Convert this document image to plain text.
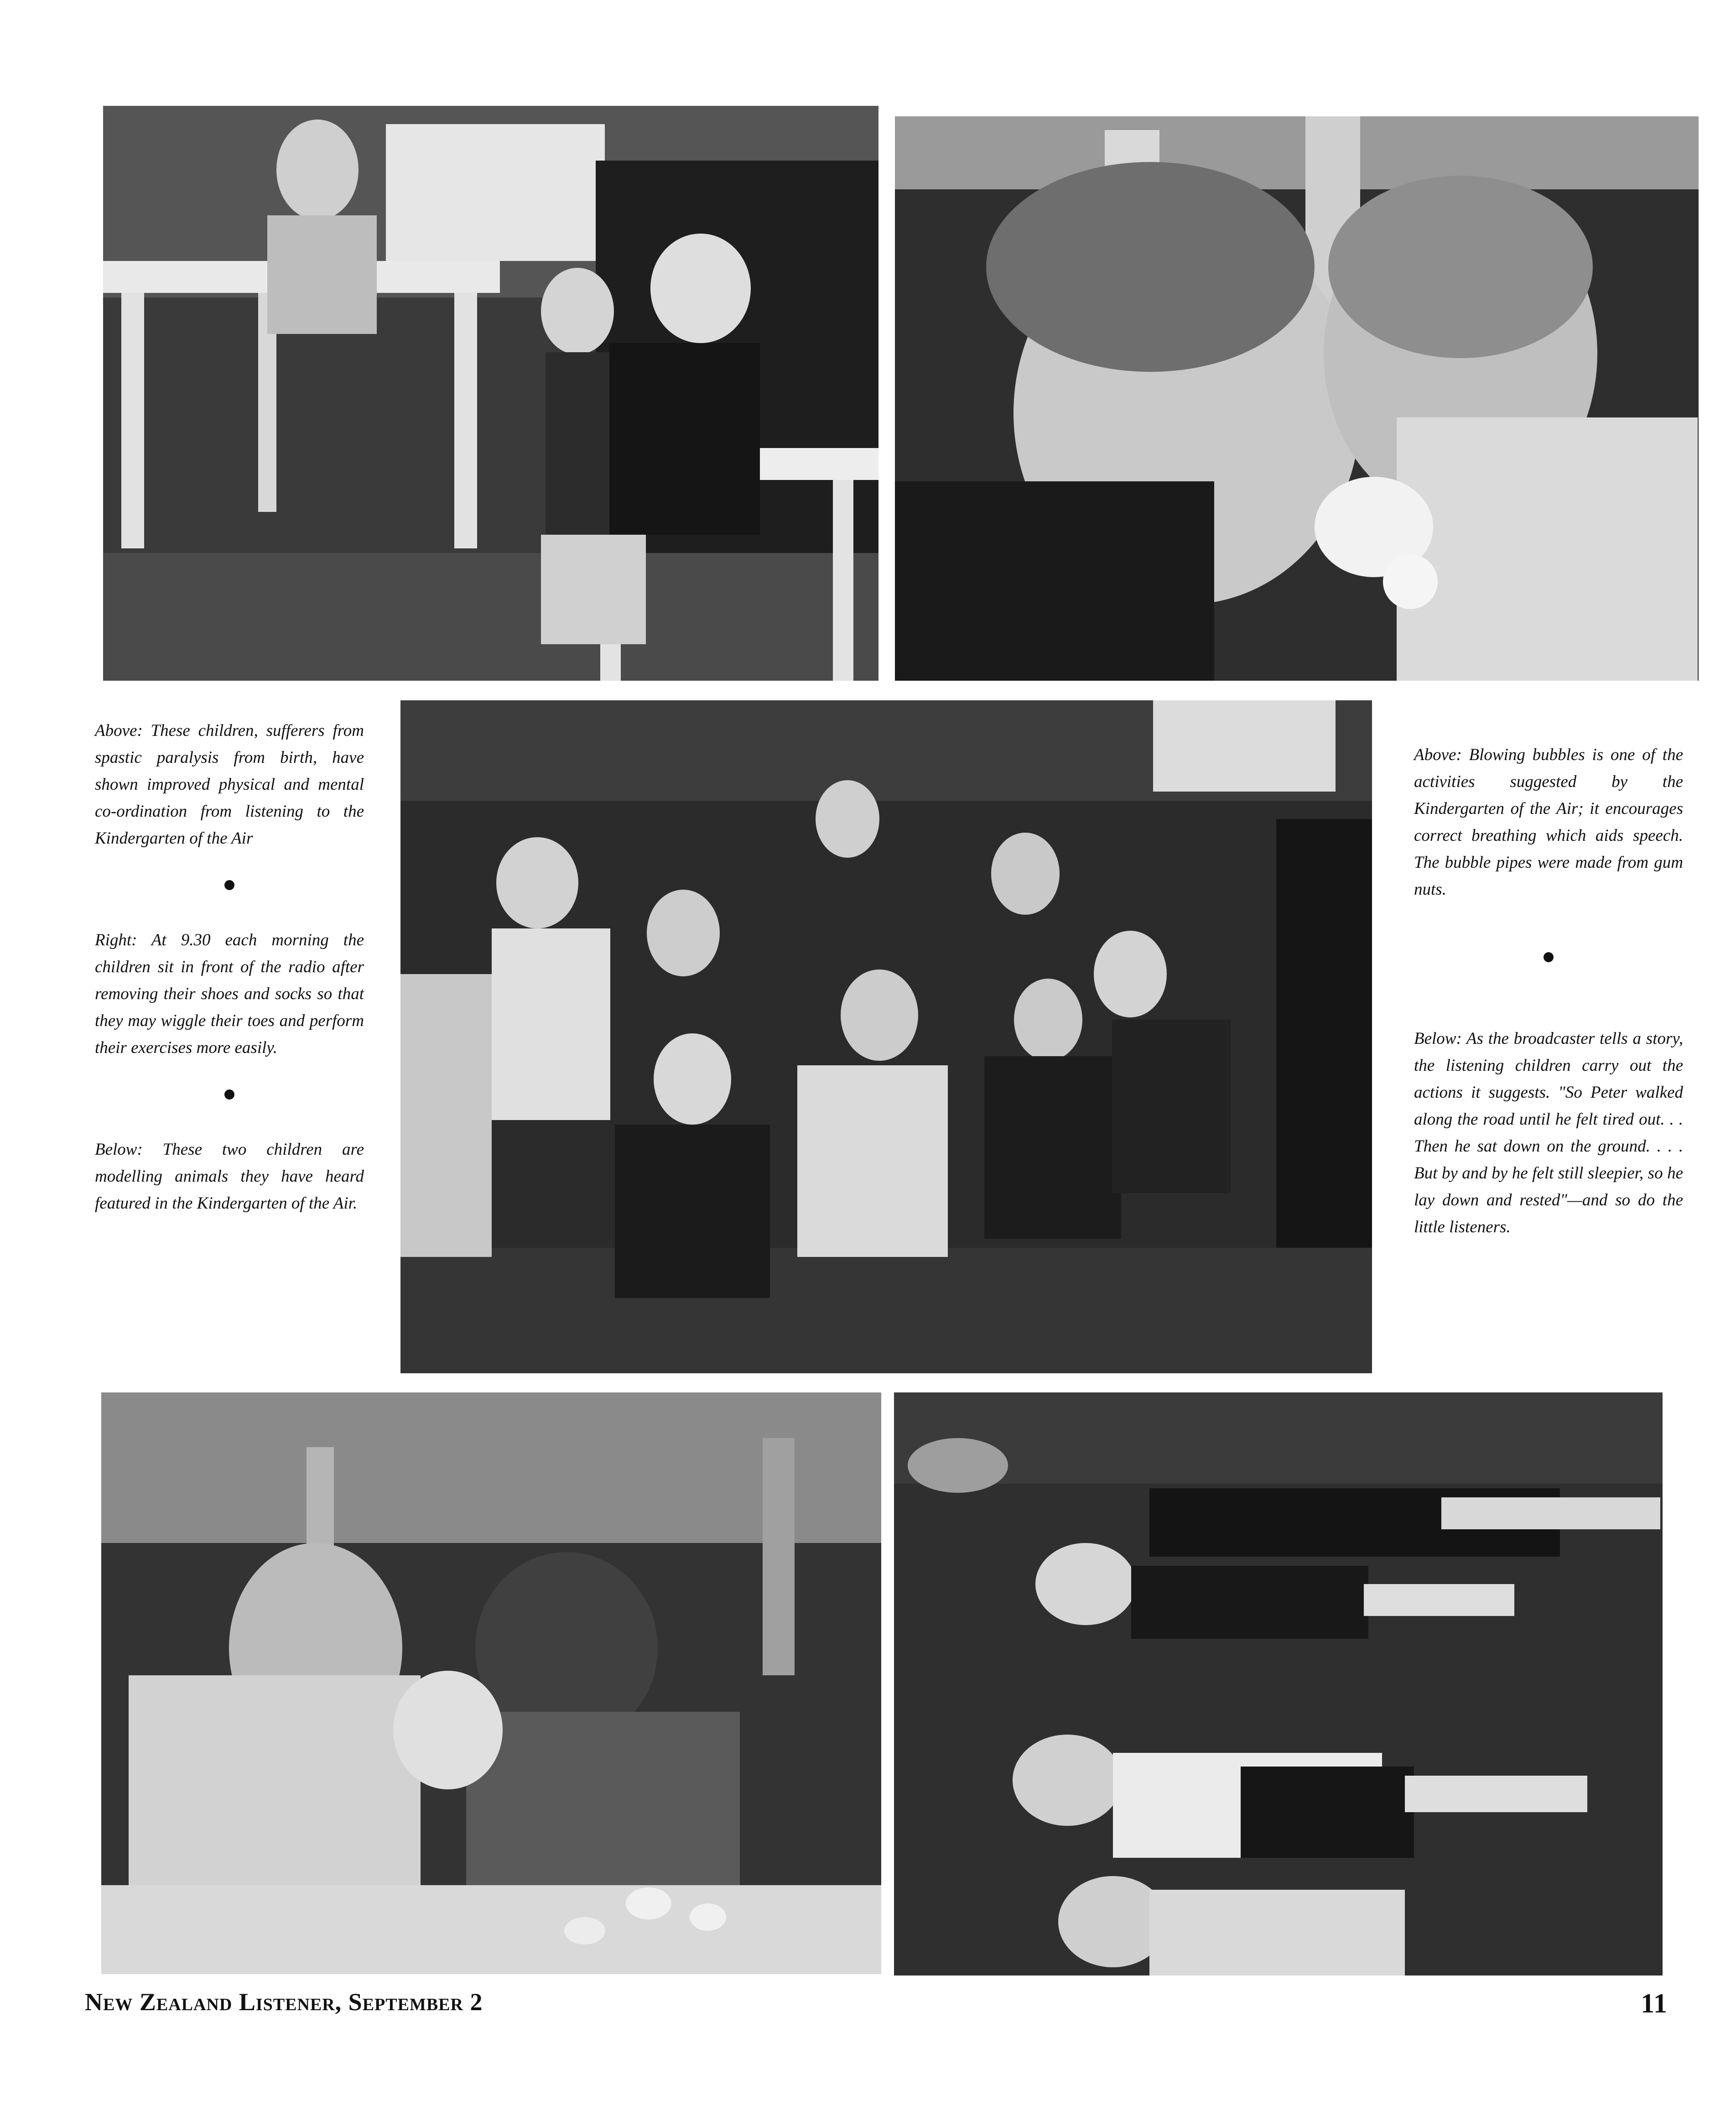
Above: These children, sufferers from spastic paralysis from birth, have shown improved physical and mental co-ordination from listening to the Kindergarten of the Air

Right: At 9.30 each morning the children sit in front of the radio after removing their shoes and socks so that they may wiggle their toes and perform their exercises more easily.

Below: These two children are modelling animals they have heard featured in the Kindergarten of the Air.

Above: Blowing bubbles is one of the activities suggested by the Kindergarten of the Air; it encourages correct breathing which aids speech. The bubble pipes were made from gum nuts.

Below: As the broadcaster tells a story, the listening children carry out the actions it suggests. "So Peter walked along the road until he felt tired out. . . Then he sat down on the ground. . . . But by and by he felt still sleepier, so he lay down and rested"—and so do the little listeners.

New Zealand Listener, September 2	11
